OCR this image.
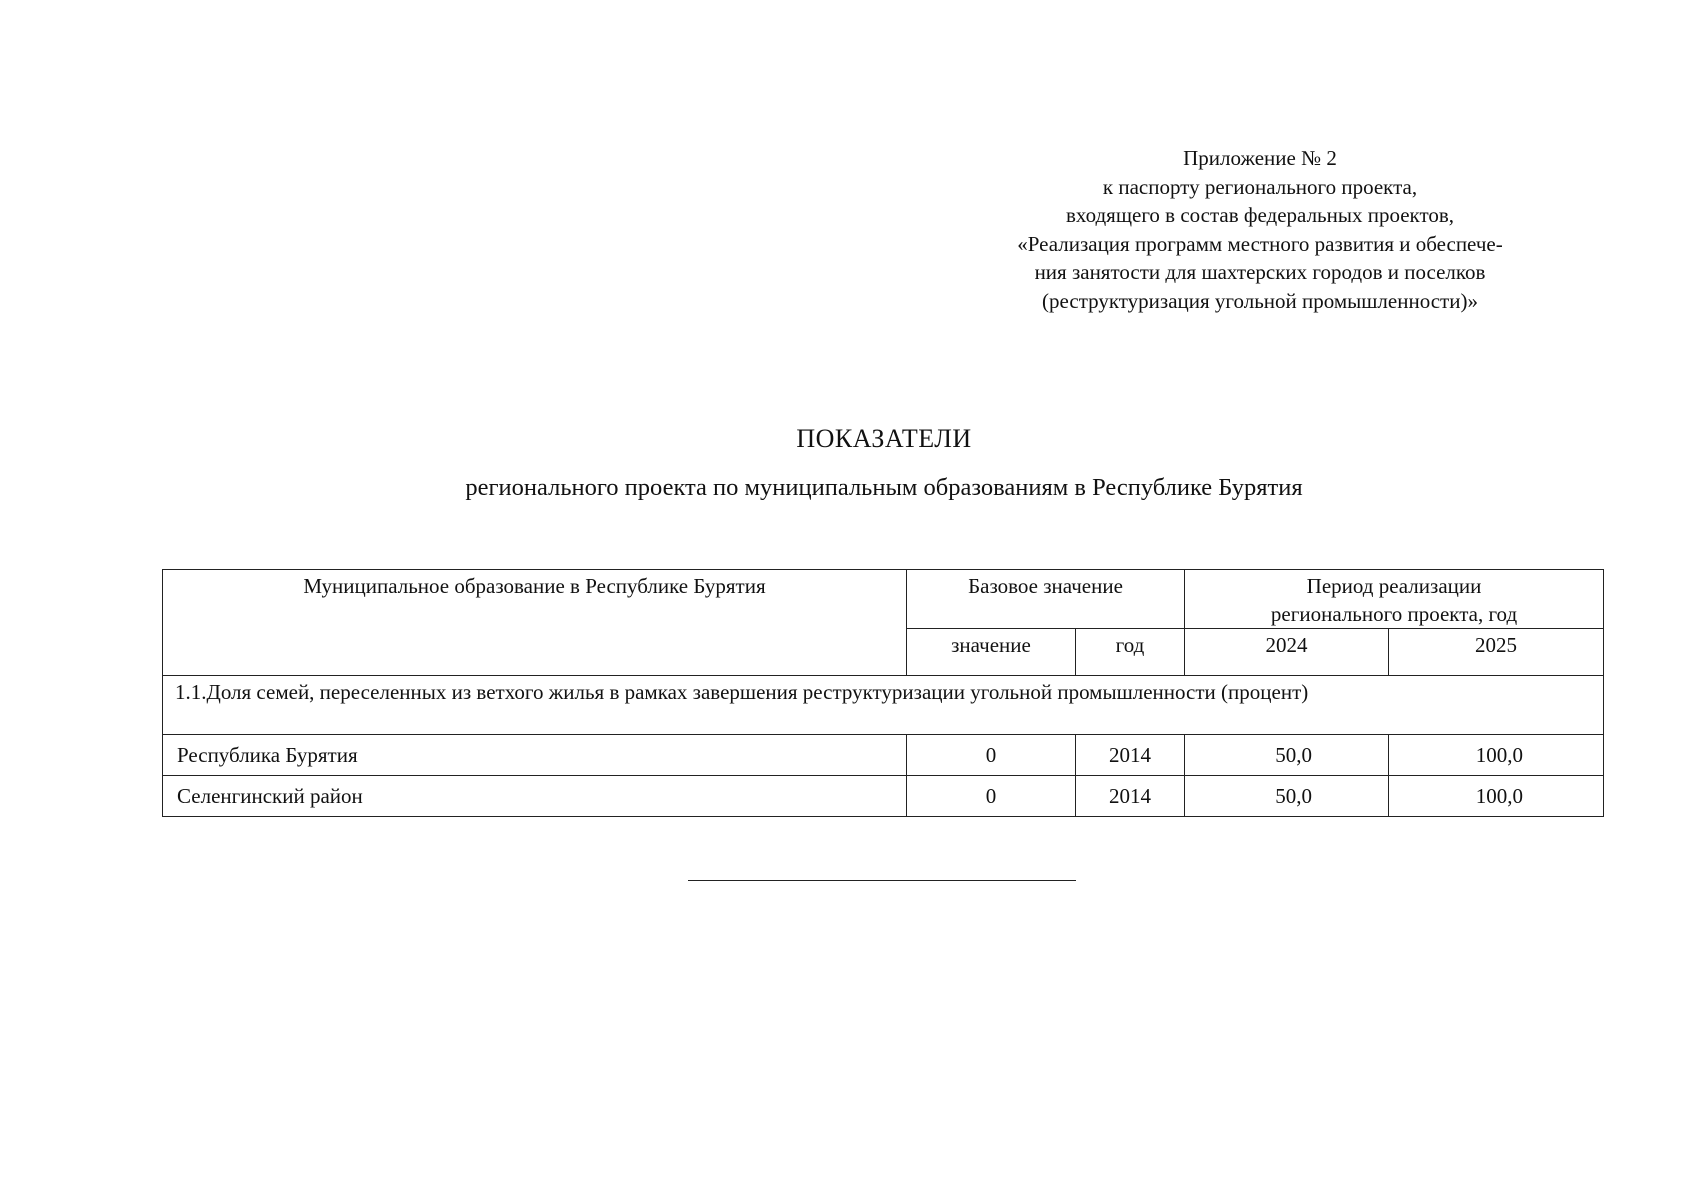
Приложение № 2
к паспорту регионального проекта,
входящего в состав федеральных проектов,
«Реализация программ местного развития и обеспече-
ния занятости для шахтерских городов и поселков
(реструктуризация угольной промышленности)»
ПОКАЗАТЕЛИ
регионального проекта по муниципальным образованиям в Республике Бурятия
Муниципальное образование в Республике Бурятия	Базовое значение		Период реализации
регионального проекта, год	
	значение	год	2024	2025
1.1.Доля семей, переселенных из ветхого жилья в рамках завершения реструктуризации угольной промышленности (процент)				
Республика Бурятия	0	2014	50,0	100,0
Селенгинский район	0	2014	50,0	100,0
